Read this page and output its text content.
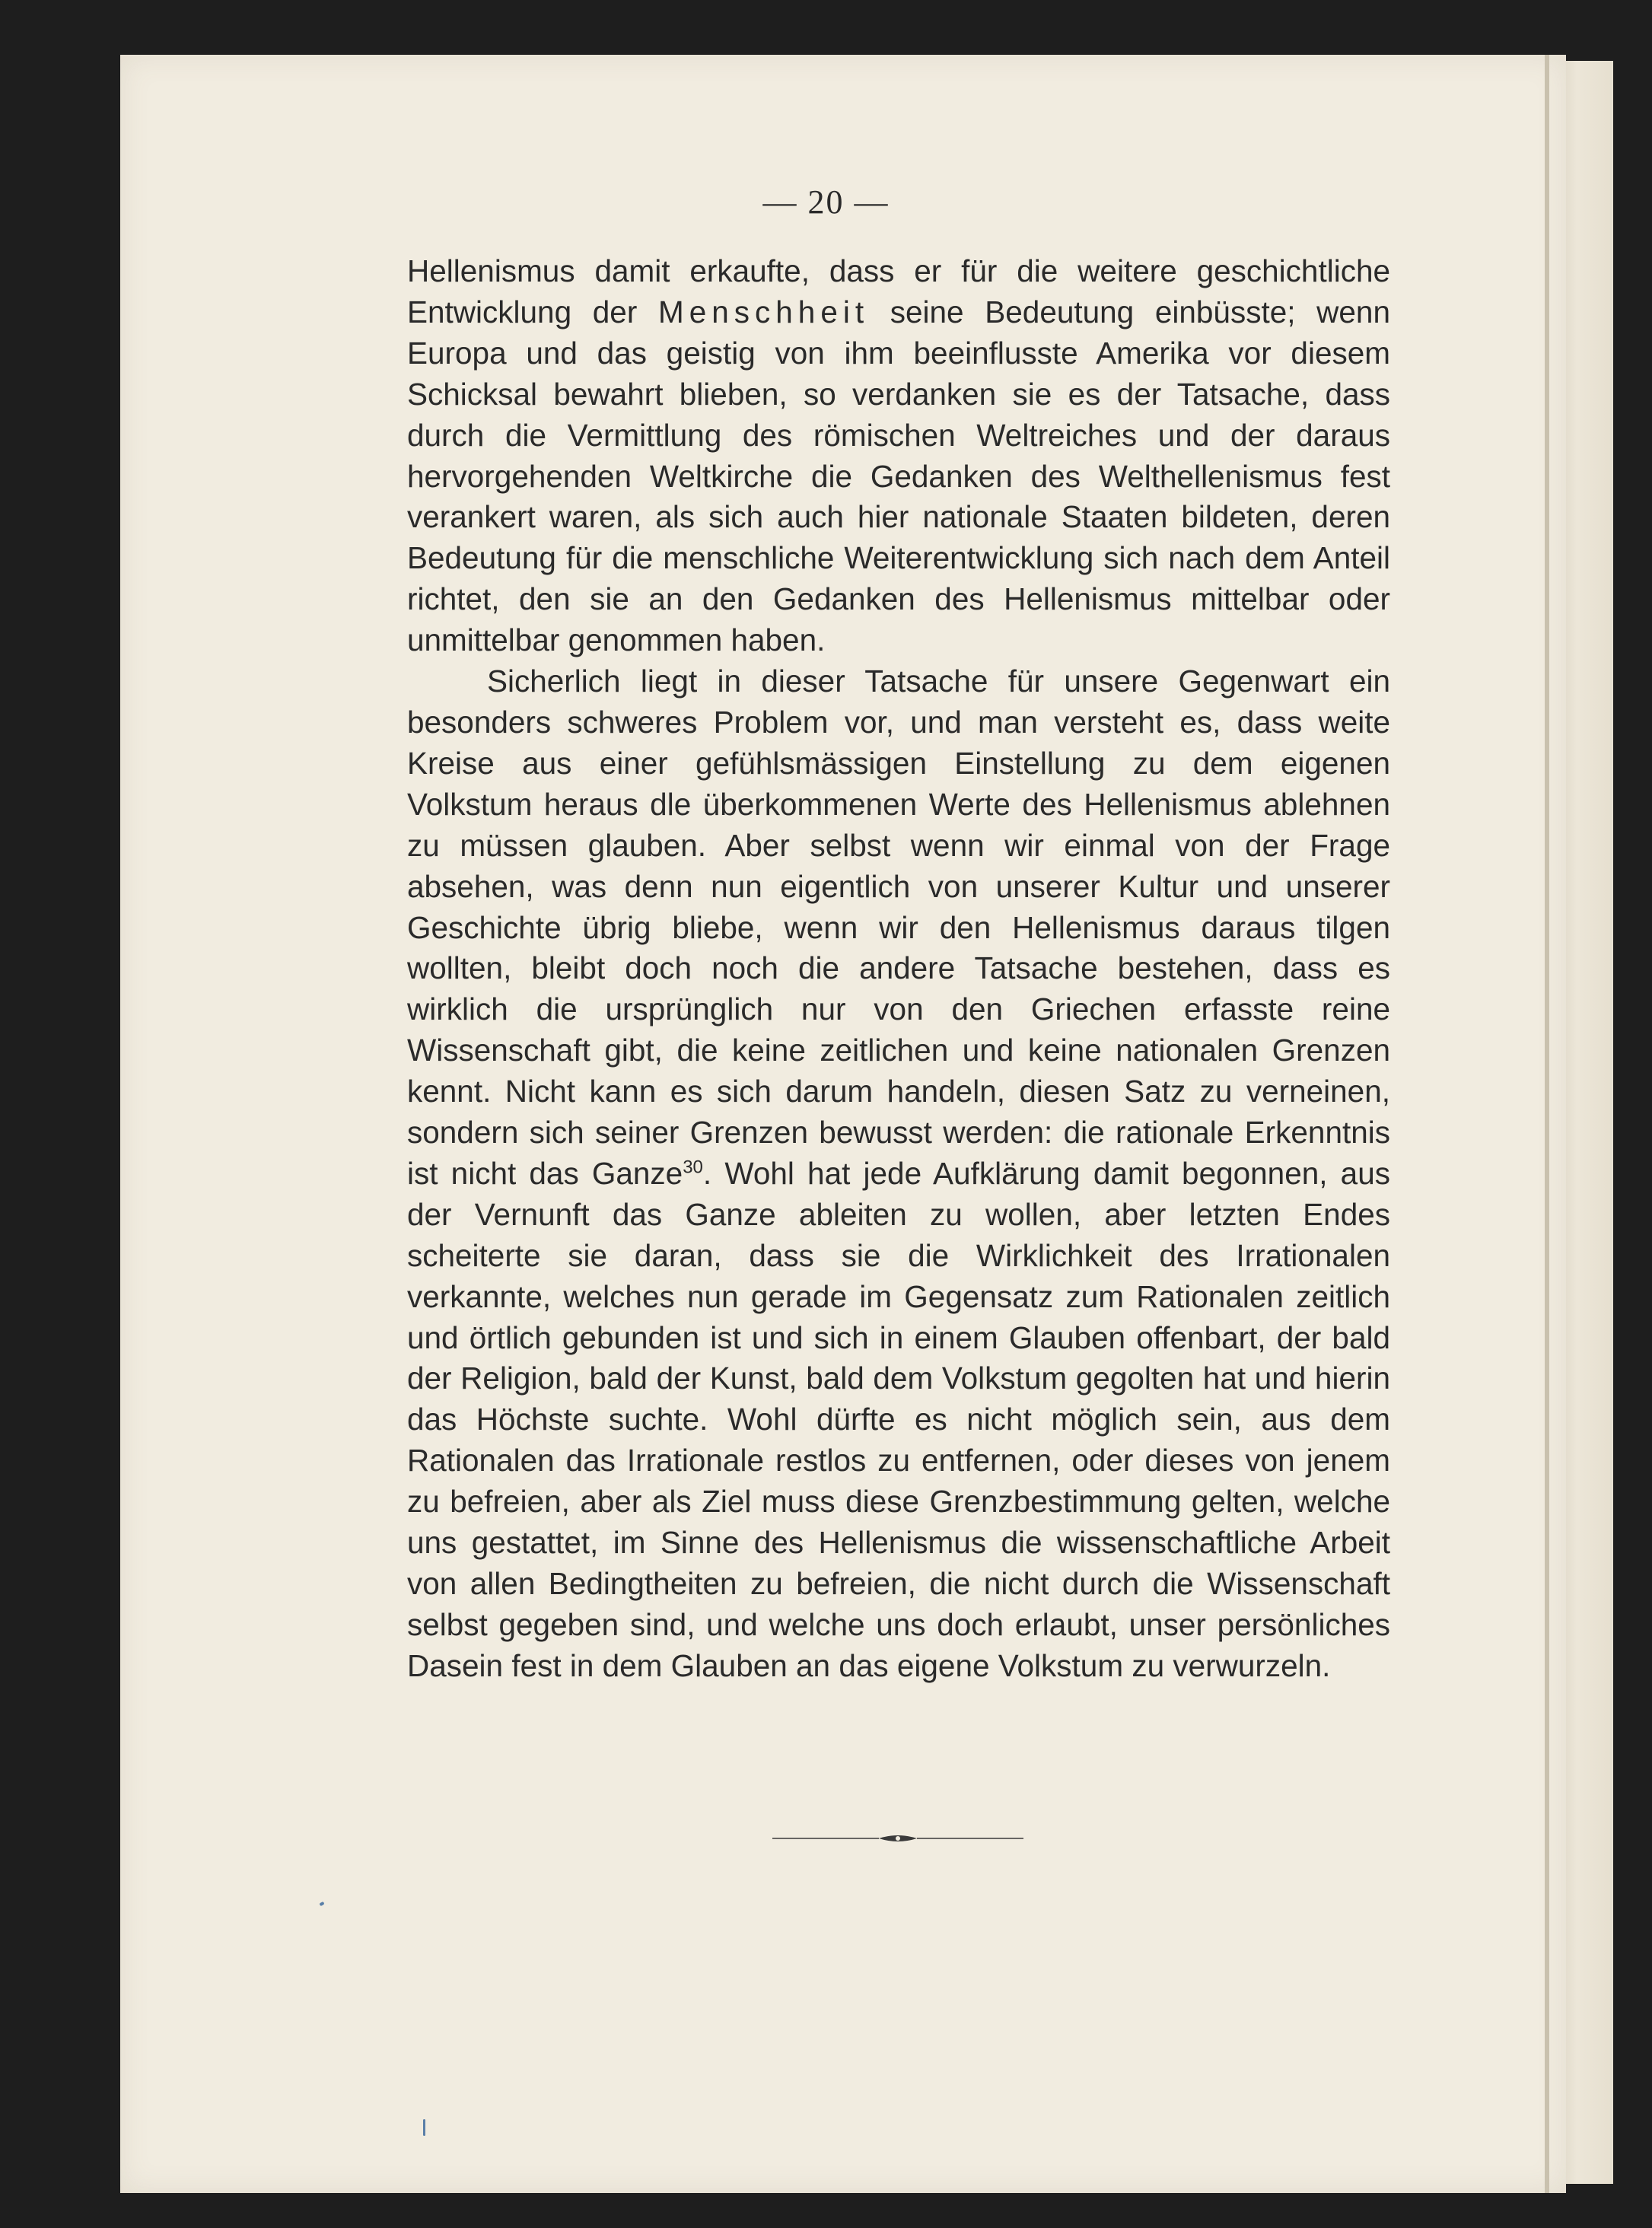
— 20 —

Hellenismus damit erkaufte, dass er für die weitere geschichtliche Entwicklung der Menschheit seine Bedeutung einbüsste; wenn Europa und das geistig von ihm beeinflusste Amerika vor diesem Schicksal bewahrt blieben, so verdanken sie es der Tatsache, dass durch die Vermittlung des römischen Weltreiches und der daraus hervorgehenden Weltkirche die Gedanken des Welthellenismus fest verankert waren, als sich auch hier nationale Staaten bildeten, deren Bedeutung für die menschliche Weiterentwicklung sich nach dem Anteil richtet, den sie an den Gedanken des Hellenismus mittelbar oder unmittelbar genommen haben.

Sicherlich liegt in dieser Tatsache für unsere Gegenwart ein besonders schweres Problem vor, und man versteht es, dass weite Kreise aus einer gefühlsmässigen Einstellung zu dem eigenen Volkstum heraus dle überkommenen Werte des Hellenismus ablehnen zu müssen glauben. Aber selbst wenn wir einmal von der Frage absehen, was denn nun eigentlich von unserer Kultur und unserer Geschichte übrig bliebe, wenn wir den Hellenismus daraus tilgen wollten, bleibt doch noch die andere Tatsache bestehen, dass es wirklich die ursprünglich nur von den Griechen erfasste reine Wissenschaft gibt, die keine zeitlichen und keine nationalen Grenzen kennt. Nicht kann es sich darum handeln, diesen Satz zu verneinen, sondern sich seiner Grenzen bewusst werden: die rationale Erkenntnis ist nicht das Ganze$^{30}$. Wohl hat jede Aufklärung damit begonnen, aus der Vernunft das Ganze ableiten zu wollen, aber letzten Endes scheiterte sie daran, dass sie die Wirklichkeit des Irrationalen verkannte, welches nun gerade im Gegensatz zum Rationalen zeitlich und örtlich gebunden ist und sich in einem Glauben offenbart, der bald der Religion, bald der Kunst, bald dem Volkstum gegolten hat und hierin das Höchste suchte. Wohl dürfte es nicht möglich sein, aus dem Rationalen das Irrationale restlos zu entfernen, oder dieses von jenem zu befreien, aber als Ziel muss diese Grenzbestimmung gelten, welche uns gestattet, im Sinne des Hellenismus die wissenschaftliche Arbeit von allen Bedingtheiten zu befreien, die nicht durch die Wissenschaft selbst gegeben sind, und welche uns doch erlaubt, unser persönliches Dasein fest in dem Glauben an das eigene Volkstum zu verwurzeln.
